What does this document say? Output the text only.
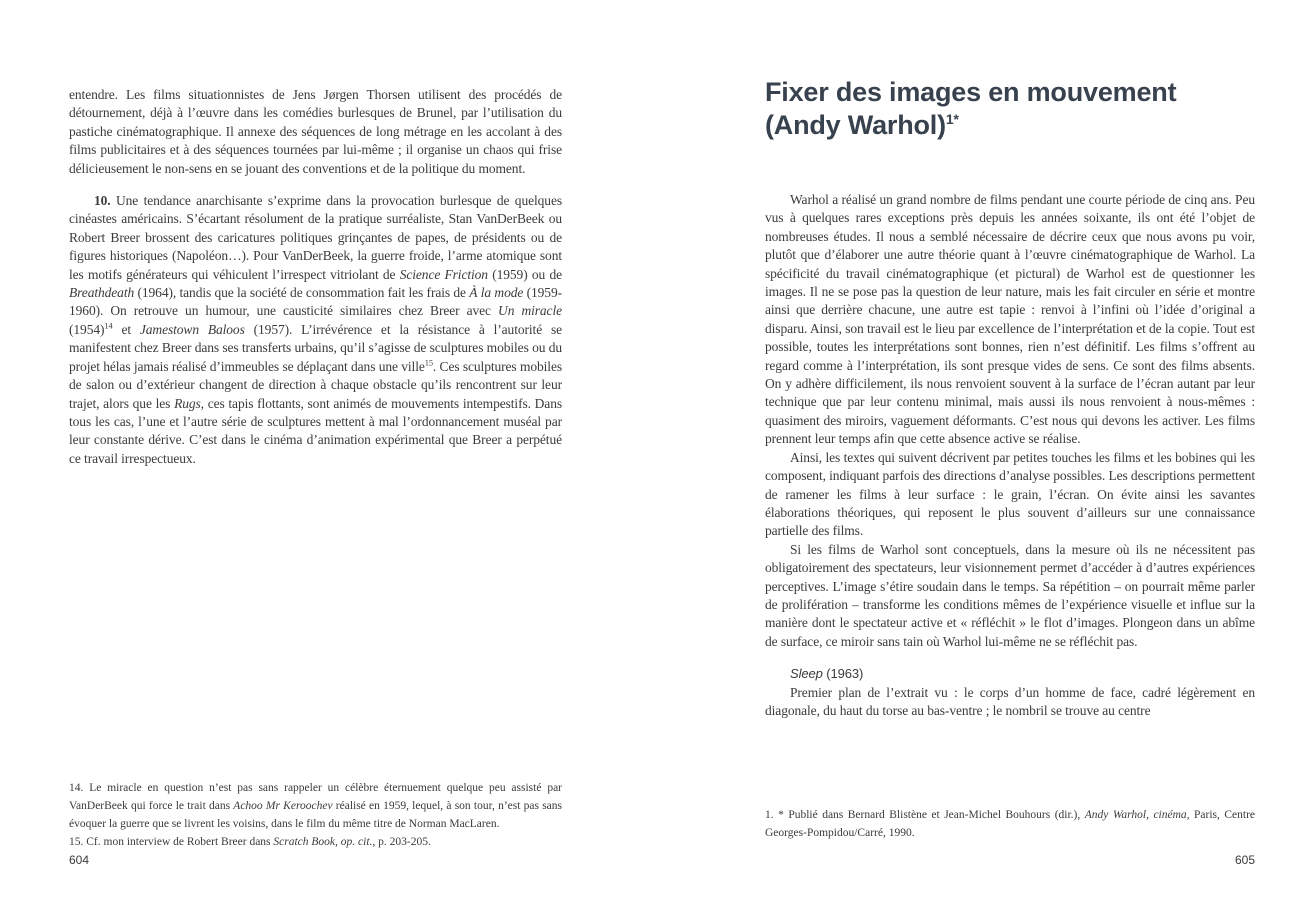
entendre. Les films situationnistes de Jens Jørgen Thorsen utilisent des procédés de détournement, déjà à l’œuvre dans les comédies burlesques de Brunel, par l’utilisation du pastiche cinématographique. Il annexe des séquences de long métrage en les accolant à des films publicitaires et à des séquences tournées par lui-même ; il organise un chaos qui frise délicieusement le non-sens en se jouant des conventions et de la politique du moment.

10. Une tendance anarchisante s’exprime dans la provocation burlesque de quelques cinéastes américains. S’écartant résolument de la pratique surréaliste, Stan VanDerBeek ou Robert Breer brossent des caricatures politiques grinçantes de papes, de présidents ou de figures historiques (Napoléon…). Pour VanDerBeek, la guerre froide, l’arme atomique sont les motifs générateurs qui véhiculent l’irrespect vitriolant de Science Friction (1959) ou de Breathdeath (1964), tandis que la société de consommation fait les frais de À la mode (1959-1960). On retrouve un humour, une causticité similaires chez Breer avec Un miracle $(1954)^{14}$ et Jamestown Baloos (1957). L’irrévérence et la résistance à l’autorité se manifestent chez Breer dans ses transferts urbains, qu’il s’agisse de sculptures mobiles ou du projet hélas jamais réalisé d’immeubles se déplaçant dans une ville$^{15}$. Ces sculptures mobiles de salon ou d’extérieur changent de direction à chaque obstacle qu’ils rencontrent sur leur trajet, alors que les Rugs, ces tapis flottants, sont animés de mouvements intempestifs. Dans tous les cas, l’une et l’autre série de sculptures mettent à mal l’ordonnancement muséal par leur constante dérive. C’est dans le cinéma d’animation expérimental que Breer a perpétué ce travail irrespectueux.

14. Le miracle en question n’est pas sans rappeler un célèbre éternuement quelque peu assisté par VanDerBeek qui force le trait dans Achoo Mr Keroochev réalisé en 1959, lequel, à son tour, n’est pas sans évoquer la guerre que se livrent les voisins, dans le film du même titre de Norman MacLaren.

15. Cf. mon interview de Robert Breer dans Scratch Book, op. cit., p. 203-205.

604
Fixer des images en mouvement
(Andy Warhol)$^{1*}$

Warhol a réalisé un grand nombre de films pendant une courte période de cinq ans. Peu vus à quelques rares exceptions près depuis les années soixante, ils ont été l’objet de nombreuses études. Il nous a semblé nécessaire de décrire ceux que nous avons pu voir, plutôt que d’élaborer une autre théorie quant à l’œuvre cinématographique de Warhol. La spécificité du travail cinématographique (et pictural) de Warhol est de questionner les images. Il ne se pose pas la question de leur nature, mais les fait circuler en série et montre ainsi que derrière chacune, une autre est tapie : renvoi à l’infini où l’idée d’original a disparu. Ainsi, son travail est le lieu par excellence de l’interprétation et de la copie. Tout est possible, toutes les interprétations sont bonnes, rien n’est définitif. Les films s’offrent au regard comme à l’interprétation, ils sont presque vides de sens. Ce sont des films absents. On y adhère difficilement, ils nous renvoient souvent à la surface de l’écran autant par leur technique que par leur contenu minimal, mais aussi ils nous renvoient à nous-mêmes : quasiment des miroirs, vaguement déformants. C’est nous qui devons les activer. Les films prennent leur temps afin que cette absence active se réalise.

Ainsi, les textes qui suivent décrivent par petites touches les films et les bobines qui les composent, indiquant parfois des directions d’analyse possibles. Les descriptions permettent de ramener les films à leur surface : le grain, l’écran. On évite ainsi les savantes élaborations théoriques, qui reposent le plus souvent d’ailleurs sur une connaissance partielle des films.

Si les films de Warhol sont conceptuels, dans la mesure où ils ne nécessitent pas obligatoirement des spectateurs, leur visionnement permet d’accéder à d’autres expériences perceptives. L’image s’étire soudain dans le temps. Sa répétition – on pourrait même parler de prolifération – transforme les conditions mêmes de l’expérience visuelle et influe sur la manière dont le spectateur active et « réfléchit » le flot d’images. Plongeon dans un abîme de surface, ce miroir sans tain où Warhol lui-même ne se réfléchit pas.

Sleep (1963)

Premier plan de l’extrait vu : le corps d’un homme de face, cadré légèrement en diagonale, du haut du torse au bas-ventre ; le nombril se trouve au centre

1. * Publié dans Bernard Blistène et Jean-Michel Bouhours (dir.), Andy Warhol, cinéma, Paris, Centre Georges-Pompidou/Carré, 1990.

605
